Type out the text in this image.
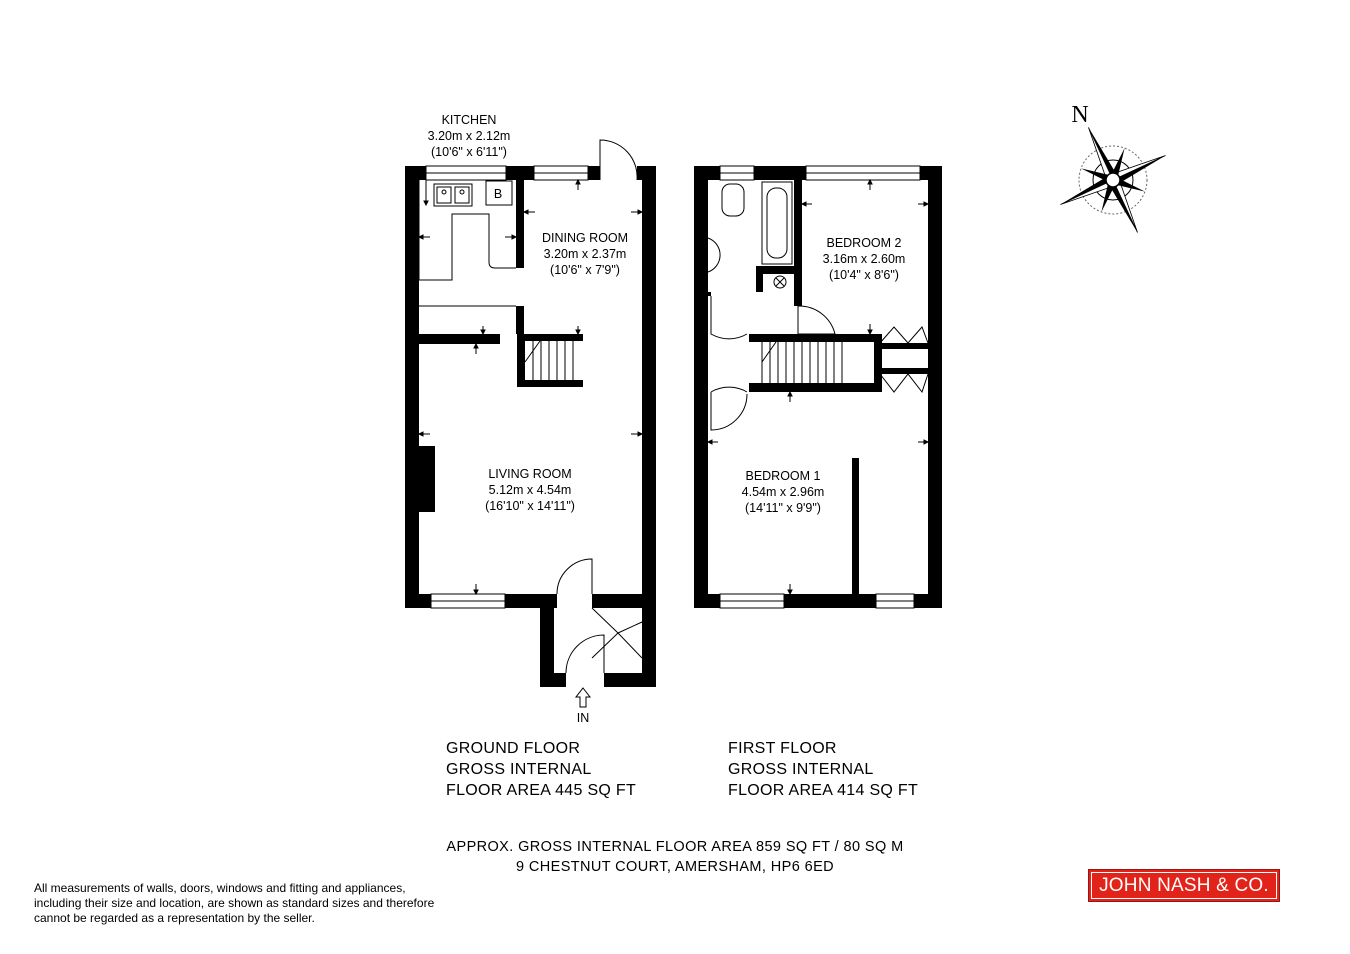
IN
B
KITCHEN
3.20m x 2.12m
(10'6" x 6'11")
DINING ROOM
3.20m x 2.37m
(10'6" x 7'9")
LIVING ROOM
5.12m x 4.54m
(16'10" x 14'11")
BEDROOM 2
3.16m x 2.60m
(10'4" x 8'6")
BEDROOM 1
4.54m x 2.96m
(14'11" x 9'9")
N
GROUND FLOOR
GROSS INTERNAL
FLOOR AREA 445 SQ FT
FIRST FLOOR
GROSS INTERNAL
FLOOR AREA 414 SQ FT
APPROX. GROSS INTERNAL FLOOR AREA 859 SQ FT / 80 SQ M
9 CHESTNUT COURT, AMERSHAM, HP6 6ED
All measurements of walls, doors, windows and fitting and appliances,
including their size and location, are shown as standard sizes and therefore
cannot be regarded as a representation by the seller.
JOHN NASH & CO.
